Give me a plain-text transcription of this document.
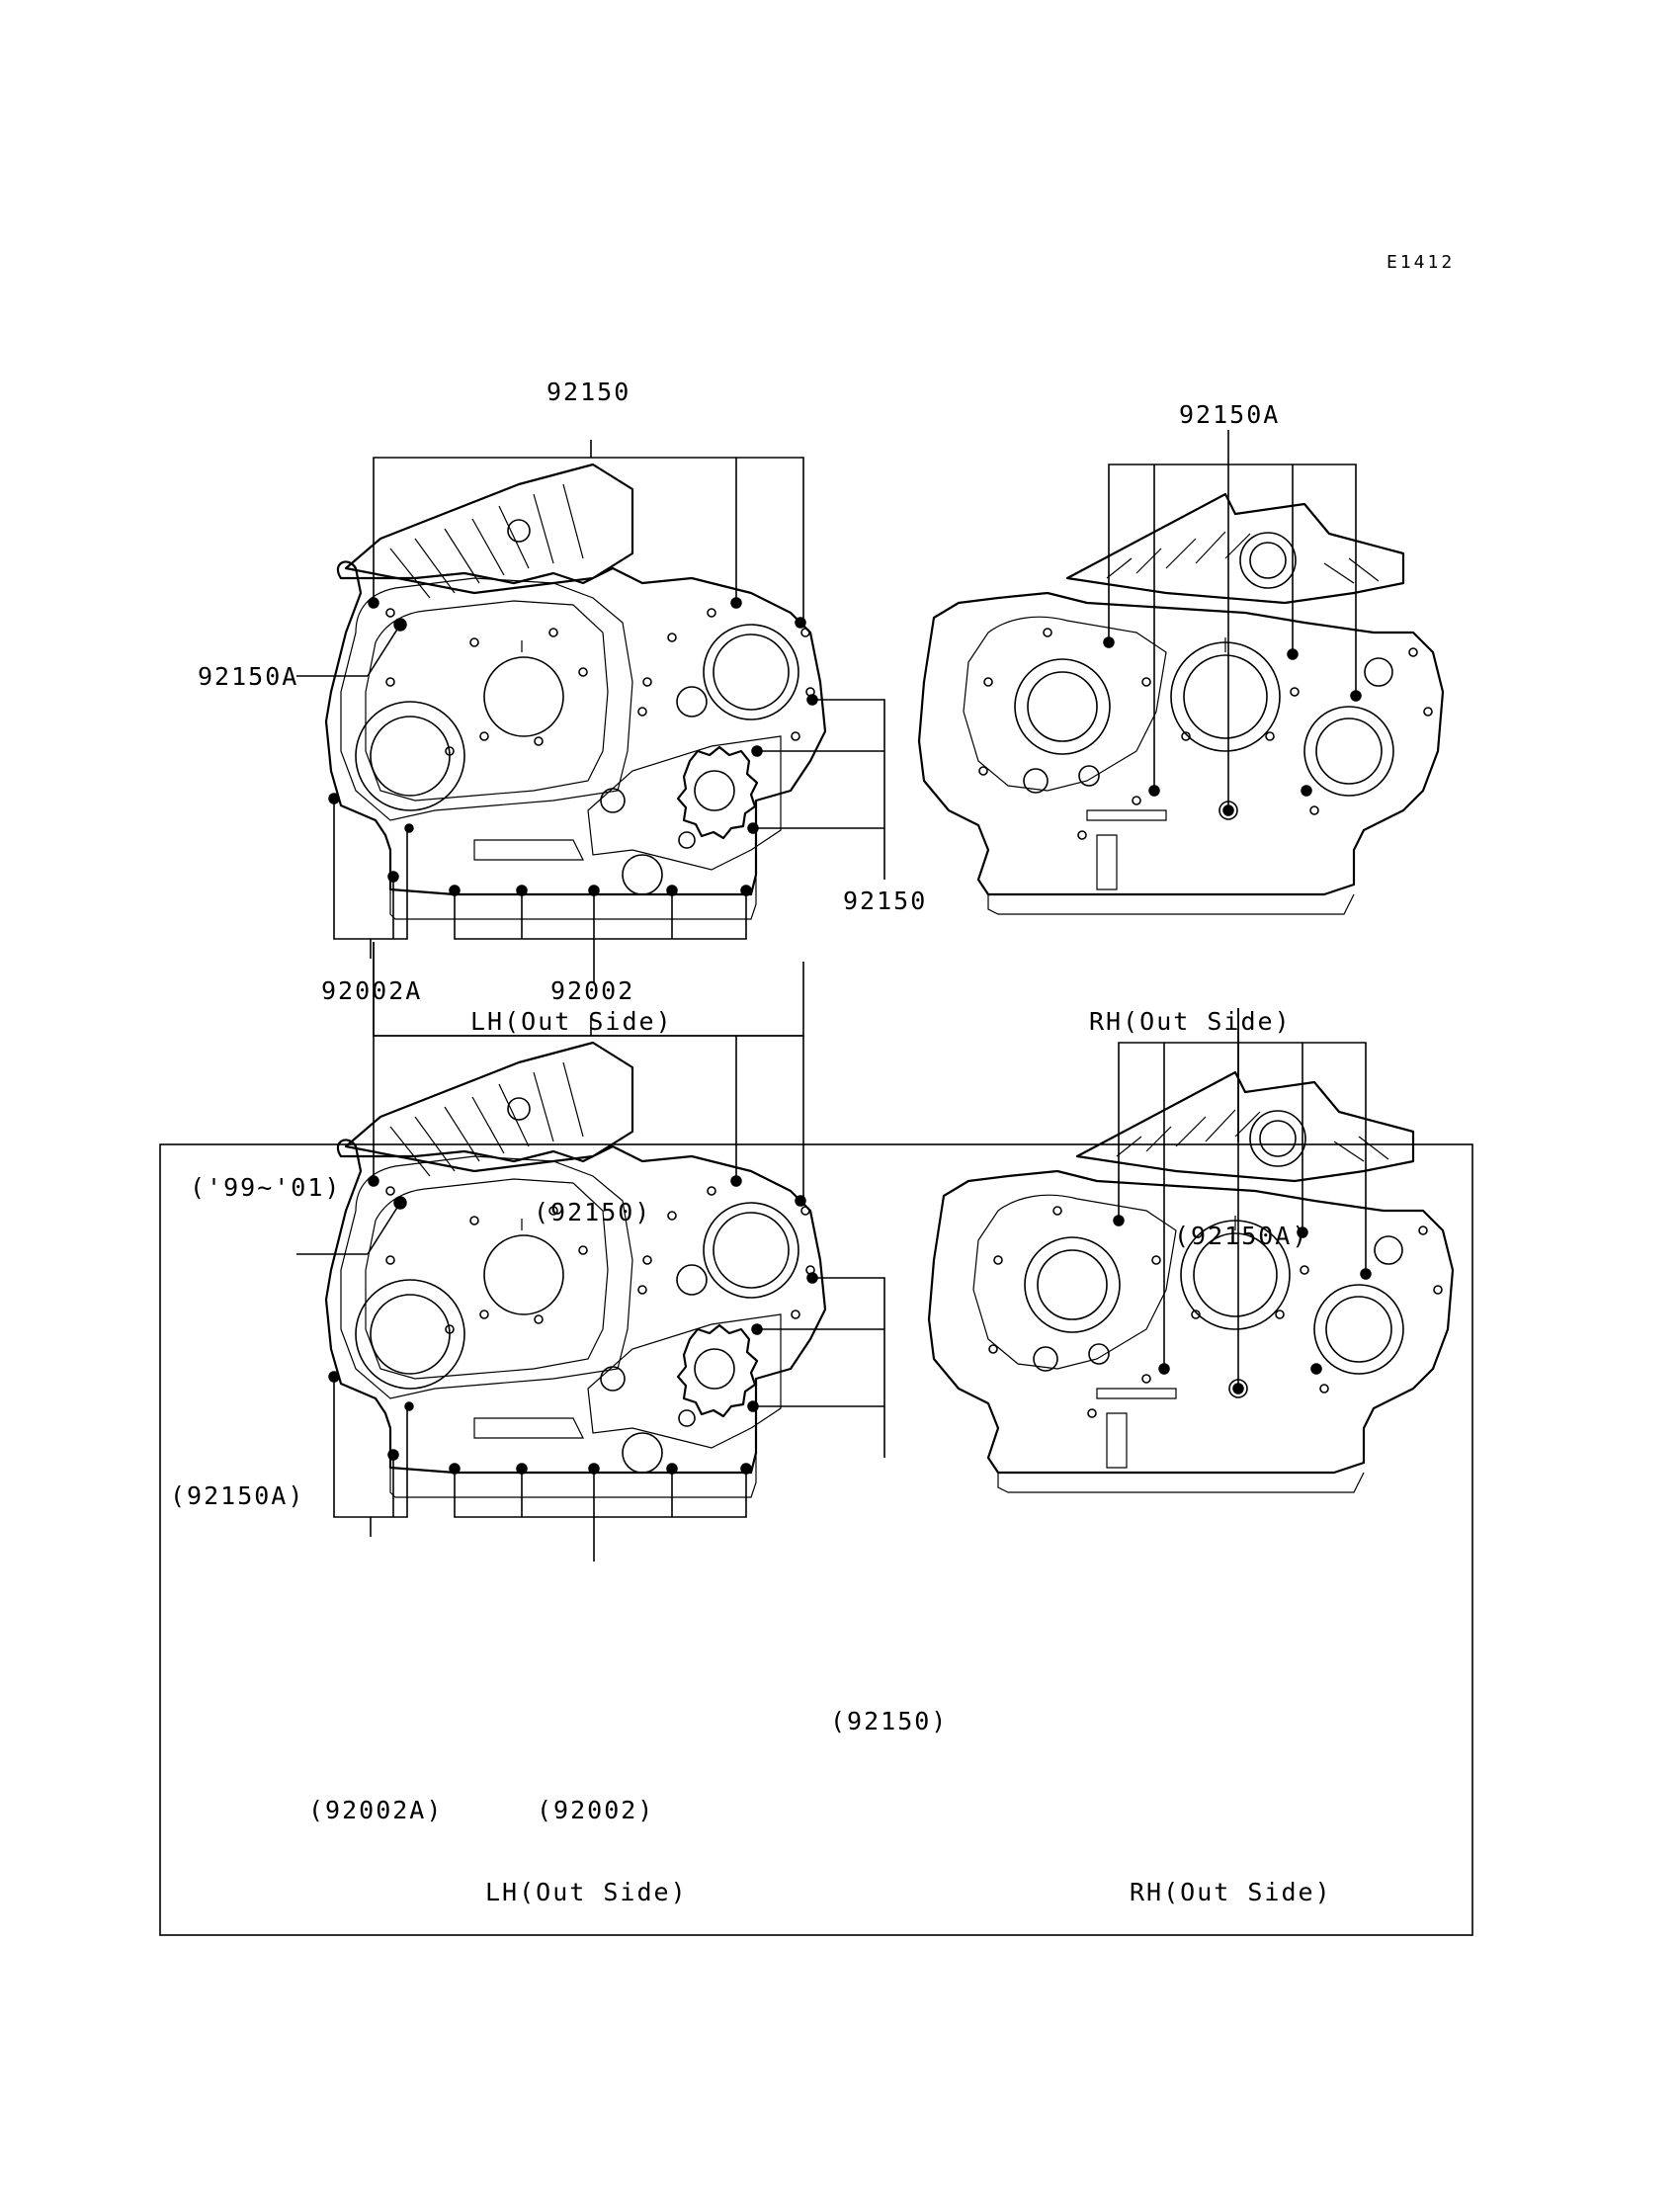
E1412
92150
92150A
92150
92002A	92002
LH(Out Side)
92150A
RH(Out Side)
('99~'01)
(92150)
(92150A)
(92150)
(92002A)	(92002)
LH(Out Side)
(92150A)
RH(Out Side)
